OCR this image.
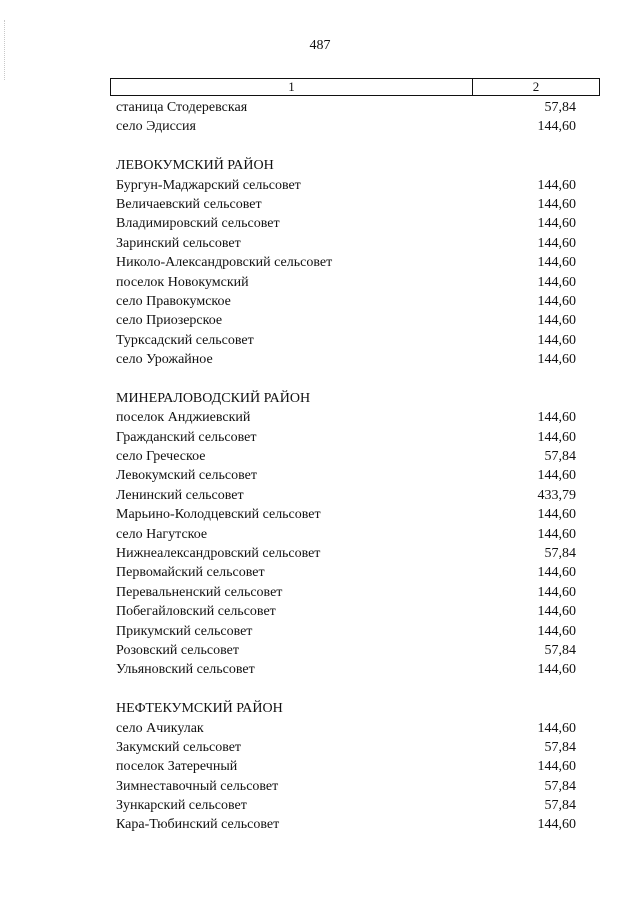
487
1	2
станица Стодеревская	57,84
село Эдиссия	144,60
ЛЕВОКУМСКИЙ РАЙОН
Бургун-Маджарский сельсовет	144,60
Величаевский сельсовет	144,60
Владимировский сельсовет	144,60
Заринский сельсовет	144,60
Николо-Александровский сельсовет	144,60
поселок Новокумский	144,60
село Правокумское	144,60
село Приозерское	144,60
Туркcадский сельсовет	144,60
село Урожайное	144,60
МИНЕРАЛОВОДСКИЙ РАЙОН
поселок Анджиевский	144,60
Гражданский сельсовет	144,60
село Греческое	57,84
Левокумский сельсовет	144,60
Ленинский сельсовет	433,79
Марьино-Колодцевский сельсовет	144,60
село Нагутское	144,60
Нижнеалександровский сельсовет	57,84
Первомайский сельсовет	144,60
Перевальненский сельсовет	144,60
Побегайловский сельсовет	144,60
Прикумский сельсовет	144,60
Розовский сельсовет	57,84
Ульяновский сельсовет	144,60
НЕФТЕКУМСКИЙ РАЙОН
село Ачикулак	144,60
Закумский сельсовет	57,84
поселок Затеречный	144,60
Зимнеставочный сельсовет	57,84
Зункарский сельсовет	57,84
Кара-Тюбинский сельсовет	144,60
